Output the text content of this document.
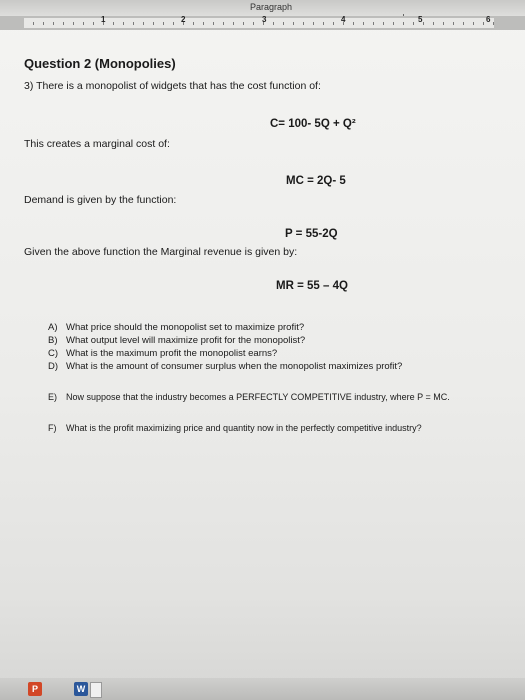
Paragraph
1	2	3	4	5	6
Question 2 (Monopolies)
3) There is a monopolist of widgets that has the cost function of:
C= 100- 5Q + Q²
This creates a marginal cost of:
MC = 2Q- 5
Demand is given by the function:
P = 55-2Q
Given the above function the Marginal revenue is given by:
MR = 55 – 4Q
A) What price should the monopolist set to maximize profit?
B) What output level will maximize profit for the monopolist?
C) What is the maximum profit the monopolist earns?
D) What is the amount of consumer surplus when the monopolist maximizes profit?
E) Now suppose that the industry becomes a PERFECTLY COMPETITIVE industry, where P = MC.
F) What is the profit maximizing price and quantity now in the perfectly competitive industry?
P	W
